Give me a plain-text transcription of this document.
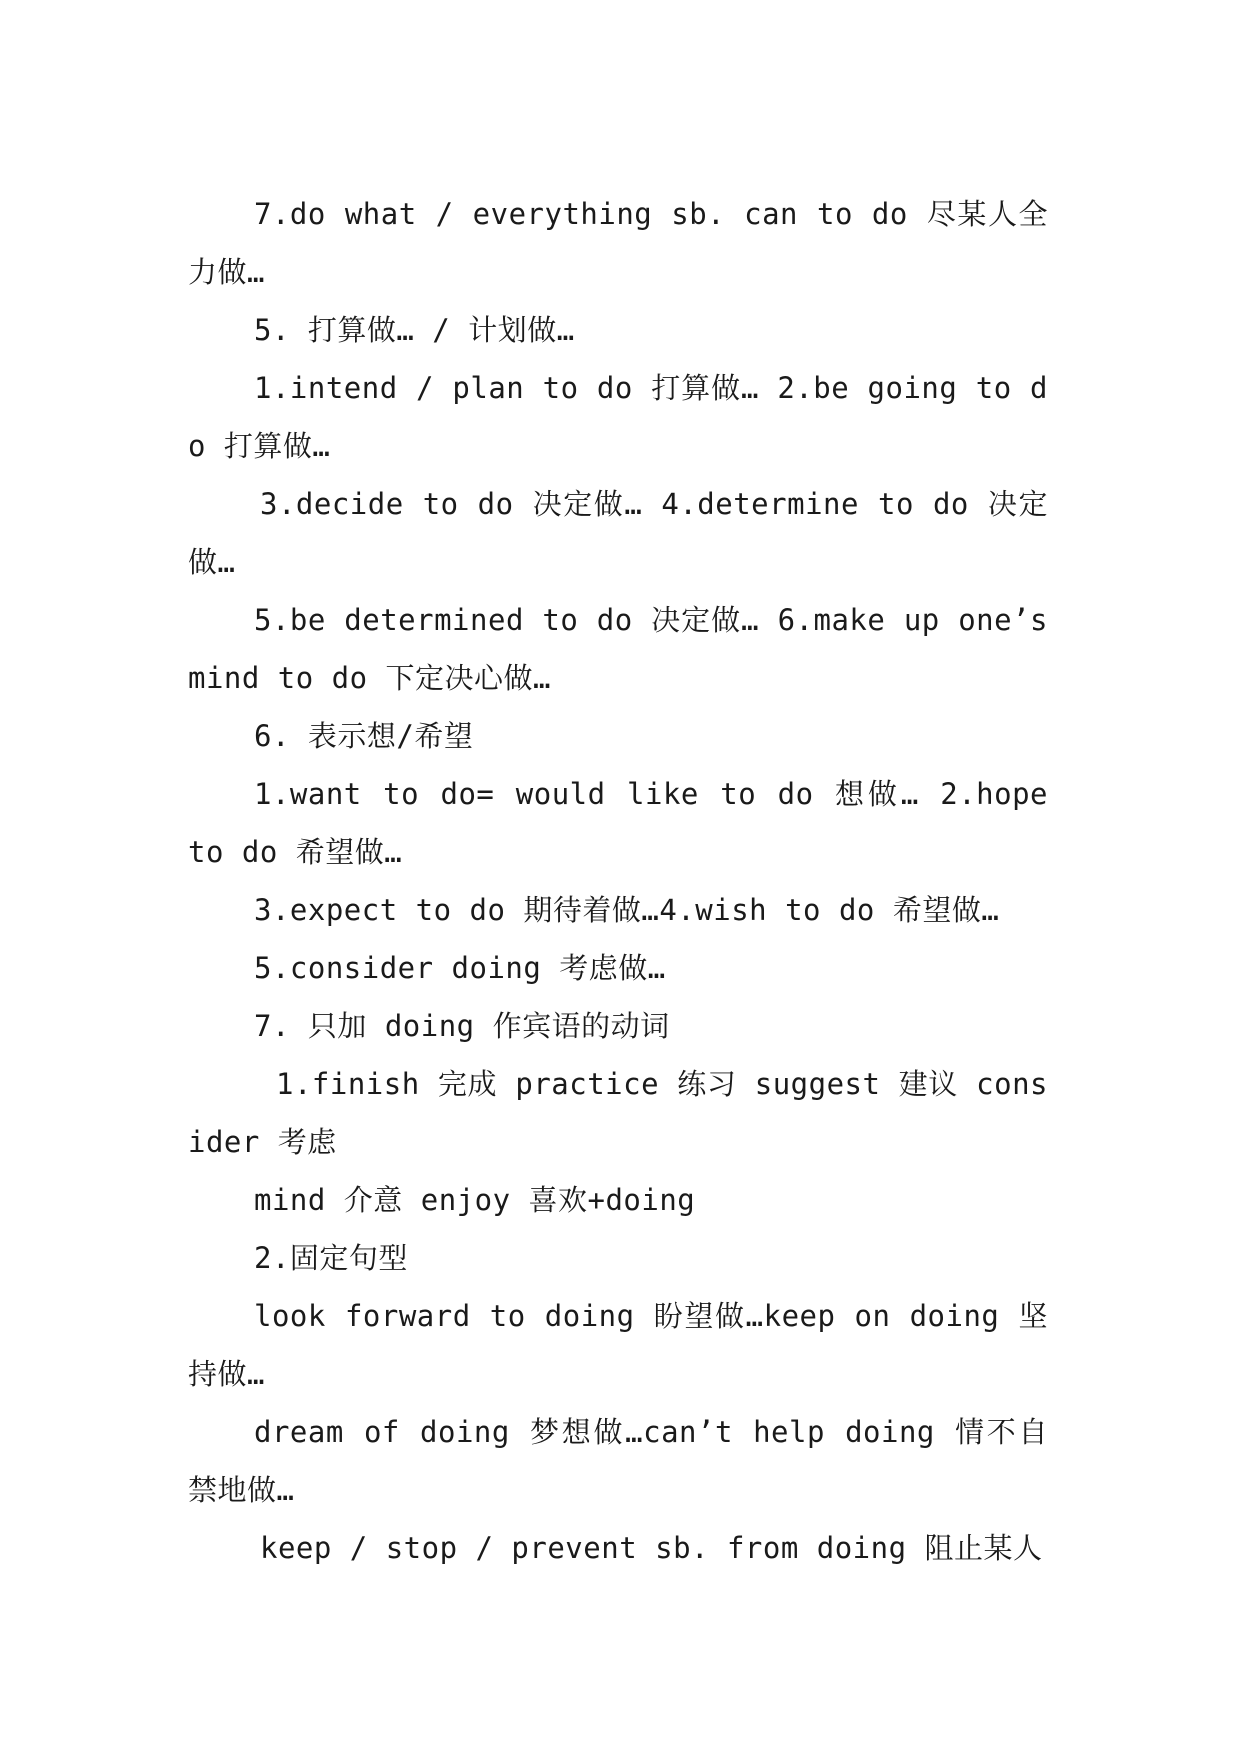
7.do what / everything sb. can to do 尽某人全力做…

5. 打算做… / 计划做…

1.intend / plan to do 打算做… 2.be going to do 打算做…

3.decide to do 决定做… 4.determine to do 决定做…

5.be determined to do 决定做… 6.make up one’s mind to do 下定决心做…

6. 表示想/希望

1.want to do= would like to do 想做… 2.hope to do 希望做…

3.expect to do 期待着做…4.wish to do 希望做…

5.consider doing 考虑做…

7. 只加 doing 作宾语的动词

1.finish 完成 practice 练习 suggest 建议 consider 考虑

mind 介意 enjoy 喜欢+doing

2.固定句型

look forward to doing 盼望做…keep on doing 坚持做…

dream of doing 梦想做…can’t help doing 情不自禁地做…

keep / stop / prevent sb. from doing 阻止某人
